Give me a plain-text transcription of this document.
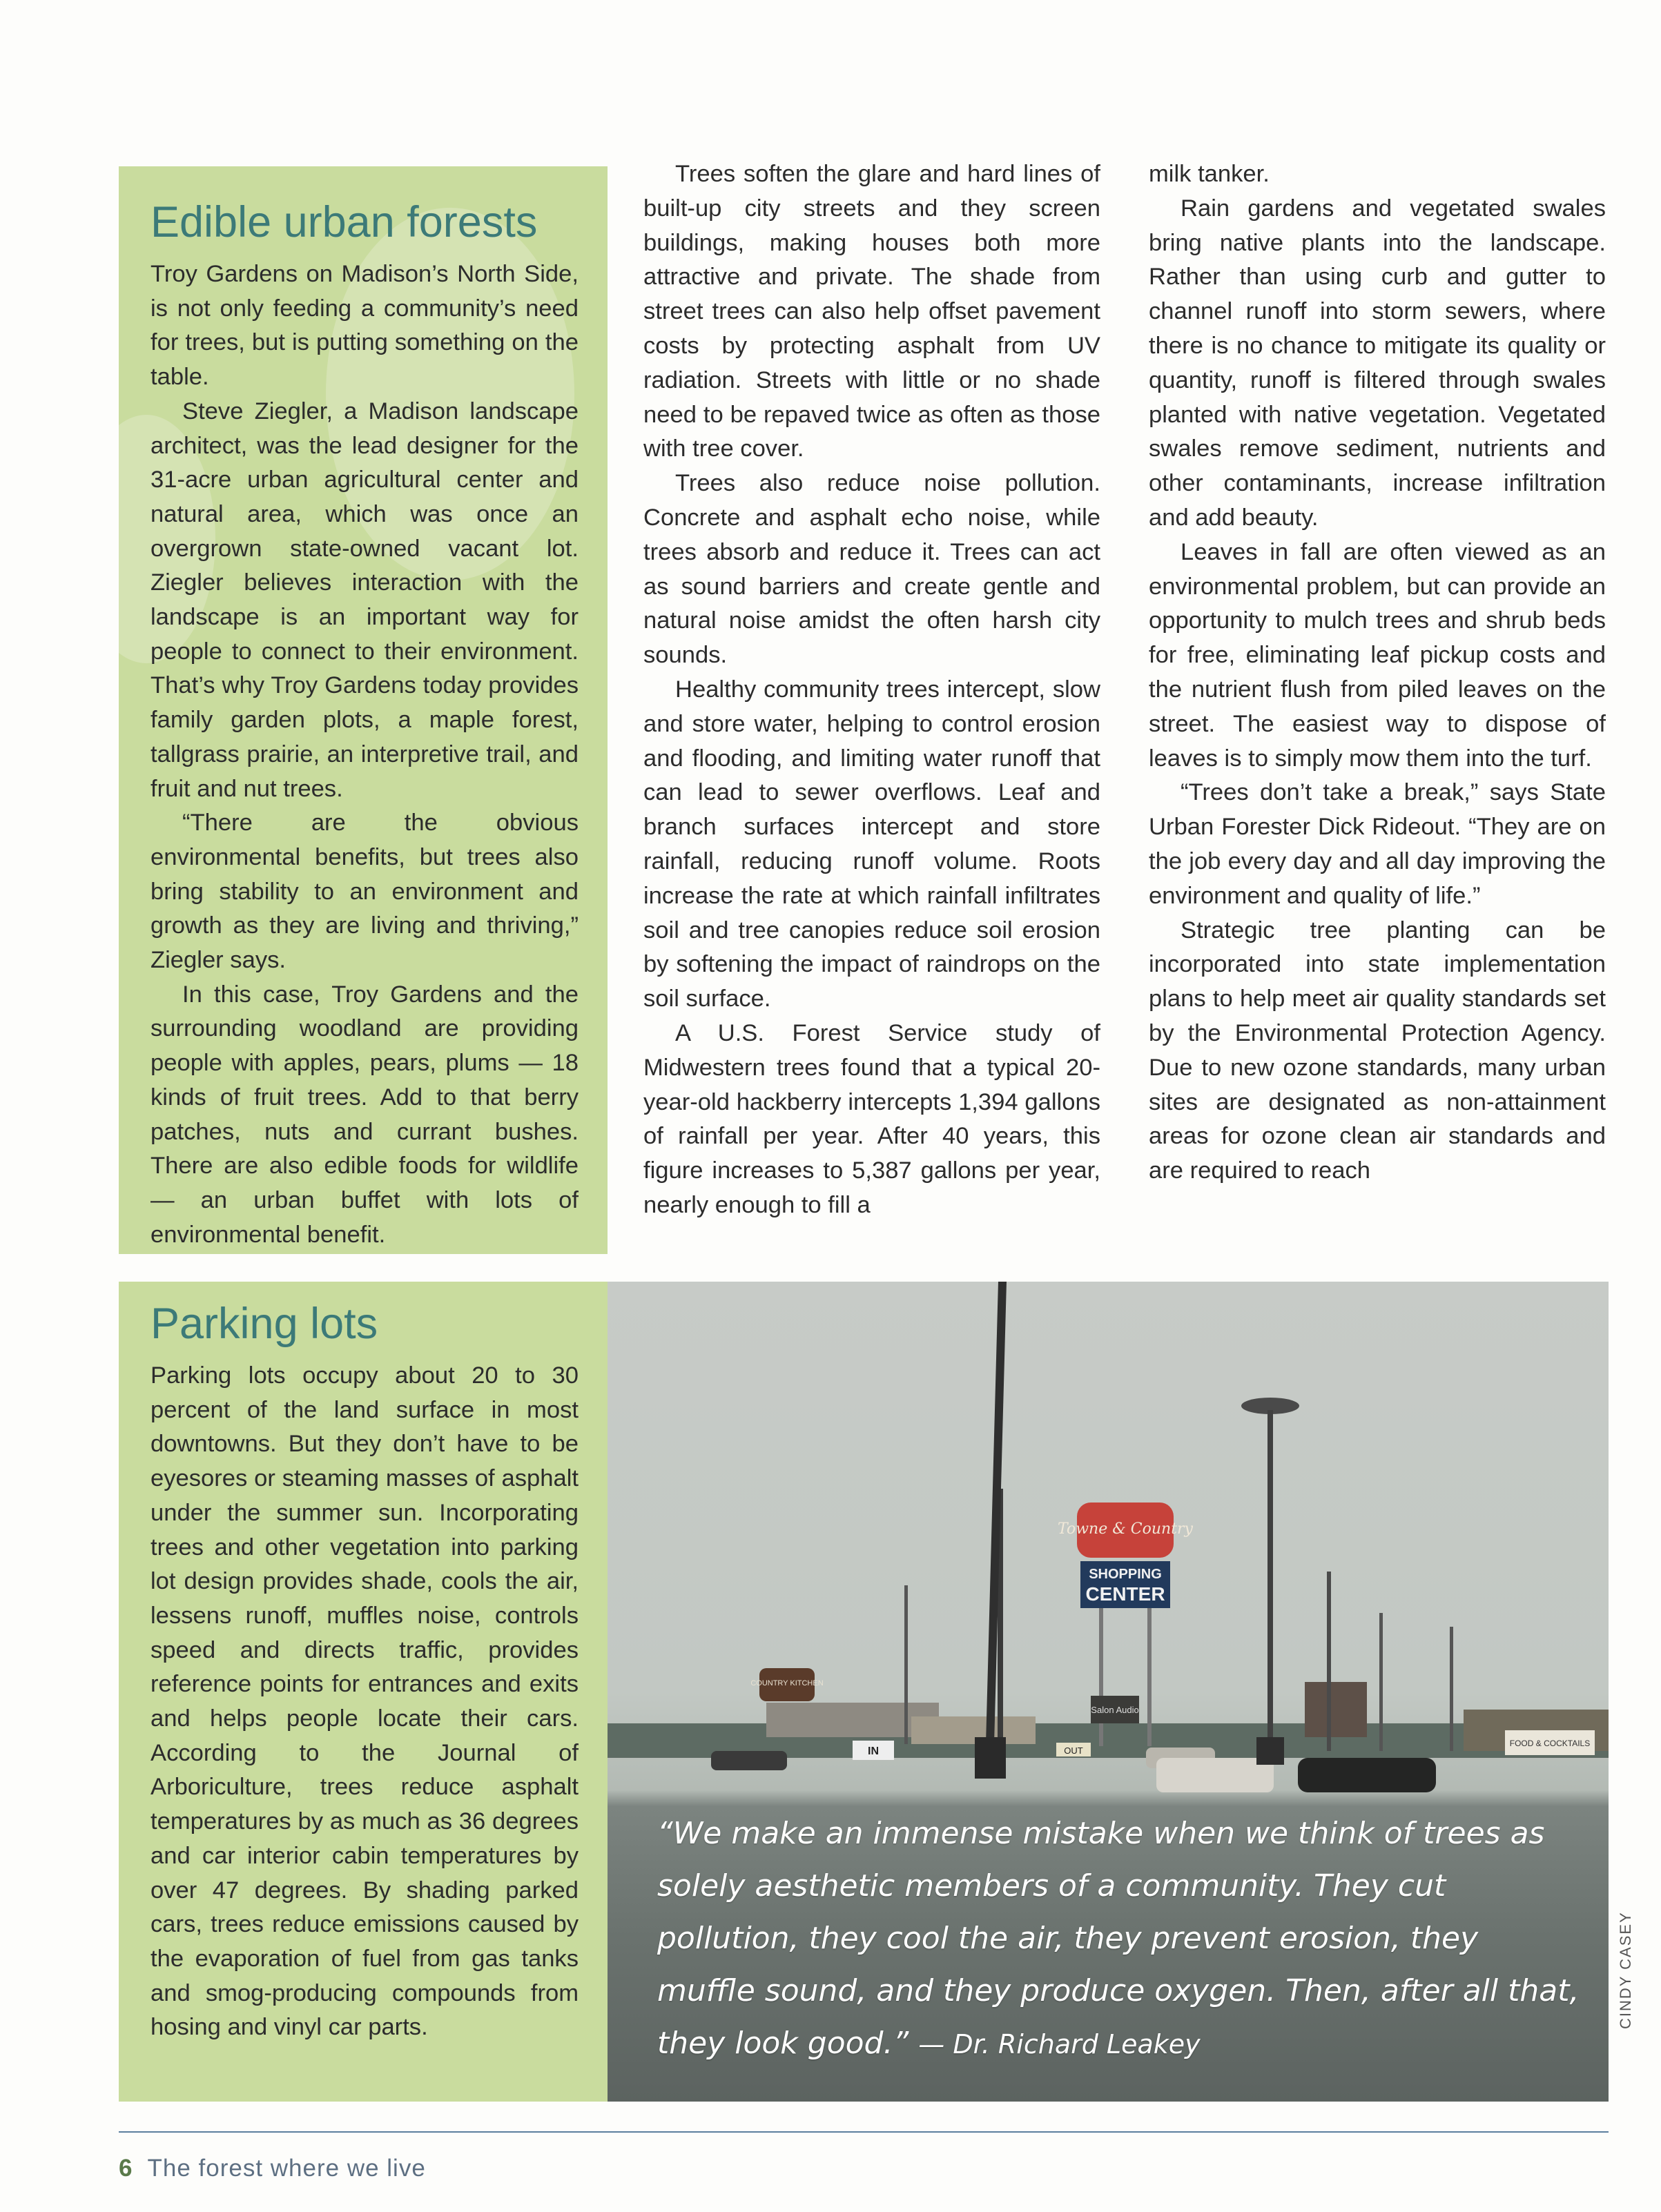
Edible urban forests

Troy Gardens on Madison’s North Side, is not only feeding a community’s need for trees, but is putting something on the table.

Steve Ziegler, a Madison landscape architect, was the lead designer for the 31-acre urban agricultural center and natural area, which was once an overgrown state-owned vacant lot. Ziegler believes interaction with the landscape is an important way for people to connect to their environment. That’s why Troy Gardens today provides family garden plots, a maple forest, tallgrass prairie, an interpretive trail, and fruit and nut trees.

“There are the obvious environmental benefits, but trees also bring stability to an environment and growth as they are living and thriving,” Ziegler says.

In this case, Troy Gardens and the surrounding woodland are providing people with apples, pears, plums — 18 kinds of fruit trees. Add to that berry patches, nuts and currant bushes. There are also edible foods for wildlife — an urban buffet with lots of environmental benefit.

Trees soften the glare and hard lines of built-up city streets and they screen buildings, making houses both more attractive and private. The shade from street trees can also help offset pavement costs by protecting asphalt from UV radiation. Streets with little or no shade need to be repaved twice as often as those with tree cover.

Trees also reduce noise pollution. Concrete and asphalt echo noise, while trees absorb and reduce it. Trees can act as sound barriers and create gentle and natural noise amidst the often harsh city sounds.

Healthy community trees intercept, slow and store water, helping to control erosion and flooding, and limiting water runoff that can lead to sewer overflows. Leaf and branch surfaces intercept and store rainfall, reducing runoff volume. Roots increase the rate at which rainfall infiltrates soil and tree canopies reduce soil erosion by softening the impact of raindrops on the soil surface.

A U.S. Forest Service study of Midwestern trees found that a typical 20-year-old hackberry intercepts 1,394 gallons of rainfall per year. After 40 years, this figure increases to 5,387 gallons per year, nearly enough to fill a

milk tanker.

Rain gardens and vegetated swales bring native plants into the landscape. Rather than using curb and gutter to channel runoff into storm sewers, where there is no chance to mitigate its quality or quantity, runoff is filtered through swales planted with native vegetation. Vegetated swales remove sediment, nutrients and other contaminants, increase infiltration and add beauty.

Leaves in fall are often viewed as an environmental problem, but can provide an opportunity to mulch trees and shrub beds for free, eliminating leaf pickup costs and the nutrient flush from piled leaves on the street. The easiest way to dispose of leaves is to simply mow them into the turf.

“Trees don’t take a break,” says State Urban Forester Dick Rideout. “They are on the job every day and all day improving the environment and quality of life.”

Strategic tree planting can be incorporated into state implementation plans to help meet air quality standards set by the Environmental Protection Agency. Due to new ozone standards, many urban sites are designated as non-attainment areas for ozone clean air standards and are required to reach

Parking lots

Parking lots occupy about 20 to 30 percent of the land surface in most downtowns. But they don’t have to be eyesores or steaming masses of asphalt under the summer sun. Incorporating trees and other vegetation into parking lot design provides shade, cools the air, lessens runoff, muffles noise, controls speed and directs traffic, provides reference points for entrances and exits and helps people locate their cars. According to the Journal of Arboriculture, trees reduce asphalt temperatures by as much as 36 degrees and car interior cabin temperatures by over 47 degrees. By shading parked cars, trees reduce emissions caused by the evaporation of fuel from gas tanks and smog-producing compounds from hosing and vinyl car parts.

Towne & Country
SHOPPING
CENTER
COUNTRY KITCHEN
IN
Salon Audio
OUT
FOOD & COCKTAILS
“We make an immense mistake when we think of trees as solely aesthetic members of a community. They cut pollution, they cool the air, they prevent erosion, they muffle sound, and they produce oxygen. Then, after all that, they look good.” — Dr. Richard Leakey
CINDY CASEY
6 The forest where we live
